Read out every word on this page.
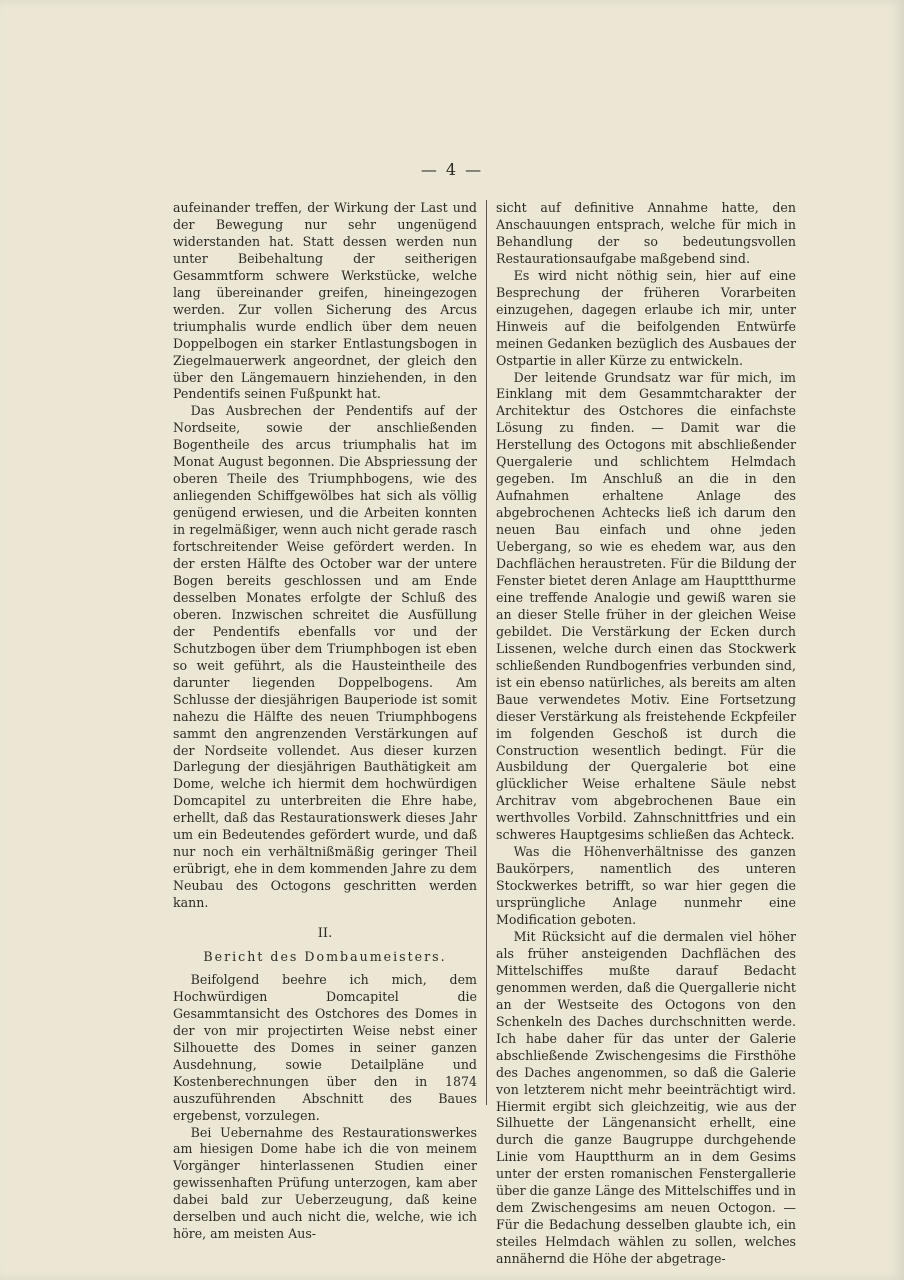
— 4 —

aufeinander treffen, der Wirkung der Last und der Bewegung nur sehr ungenügend widerstanden hat. Statt dessen werden nun unter Beibehaltung der seitherigen Gesammtform schwere Werkstücke, welche lang übereinander greifen, hineingezogen werden. Zur vollen Sicherung des Arcus triumphalis wurde endlich über dem neuen Doppelbogen ein starker Entlastungsbogen in Ziegelmauerwerk angeordnet, der gleich den über den Längemauern hinziehenden, in den Pendentifs seinen Fußpunkt hat.

Das Ausbrechen der Pendentifs auf der Nordseite, sowie der anschließenden Bogentheile des arcus triumphalis hat im Monat August begonnen. Die Abspriessung der oberen Theile des Triumphbogens, wie des anliegenden Schiffgewölbes hat sich als völlig genügend erwiesen, und die Arbeiten konnten in regelmäßiger, wenn auch nicht gerade rasch fortschreitender Weise gefördert werden. In der ersten Hälfte des October war der untere Bogen bereits geschlossen und am Ende desselben Monates erfolgte der Schluß des oberen. Inzwischen schreitet die Ausfüllung der Pendentifs ebenfalls vor und der Schutzbogen über dem Triumphbogen ist eben so weit geführt, als die Hausteintheile des darunter liegenden Doppelbogens. Am Schlusse der diesjährigen Bauperiode ist somit nahezu die Hälfte des neuen Triumphbogens sammt den angrenzenden Verstärkungen auf der Nordseite vollendet. Aus dieser kurzen Darlegung der diesjährigen Bauthätigkeit am Dome, welche ich hiermit dem hochwürdigen Domcapitel zu unterbreiten die Ehre habe, erhellt, daß das Restaurationswerk dieses Jahr um ein Bedeutendes gefördert wurde, und daß nur noch ein verhältnißmäßig geringer Theil erübrigt, ehe in dem kommenden Jahre zu dem Neubau des Octogons geschritten werden kann.

II.
Bericht des Dombaumeisters.

Beifolgend beehre ich mich, dem Hochwürdigen Domcapitel die Gesammtansicht des Ostchores des Domes in der von mir projectirten Weise nebst einer Silhouette des Domes in seiner ganzen Ausdehnung, sowie Detailpläne und Kostenberechnungen über den in 1874 auszuführenden Abschnitt des Baues ergebenst, vorzulegen.

Bei Uebernahme des Restaurationswerkes am hiesigen Dome habe ich die von meinem Vorgänger hinterlassenen Studien einer gewissenhaften Prüfung unterzogen, kam aber dabei bald zur Ueberzeugung, daß keine derselben und auch nicht die, welche, wie ich höre, am meisten Aus-

sicht auf definitive Annahme hatte, den Anschauungen entsprach, welche für mich in Behandlung der so bedeutungsvollen Restaurationsaufgabe maßgebend sind.

Es wird nicht nöthig sein, hier auf eine Besprechung der früheren Vorarbeiten einzugehen, dagegen erlaube ich mir, unter Hinweis auf die beifolgenden Entwürfe meinen Gedanken bezüglich des Ausbaues der Ostpartie in aller Kürze zu entwickeln.

Der leitende Grundsatz war für mich, im Einklang mit dem Gesammtcharakter der Architektur des Ostchores die einfachste Lösung zu finden. — Damit war die Herstellung des Octogons mit abschließender Quergalerie und schlichtem Helmdach gegeben. Im Anschluß an die in den Aufnahmen erhaltene Anlage des abgebrochenen Achtecks ließ ich darum den neuen Bau einfach und ohne jeden Uebergang, so wie es ehedem war, aus den Dachflächen heraustreten. Für die Bildung der Fenster bietet deren Anlage am Haupttthurme eine treffende Analogie und gewiß waren sie an dieser Stelle früher in der gleichen Weise gebildet. Die Verstärkung der Ecken durch Lissenen, welche durch einen das Stockwerk schließenden Rundbogenfries verbunden sind, ist ein ebenso natürliches, als bereits am alten Baue verwendetes Motiv. Eine Fortsetzung dieser Verstärkung als freistehende Eckpfeiler im folgenden Geschoß ist durch die Construction wesentlich bedingt. Für die Ausbildung der Quergalerie bot eine glücklicher Weise erhaltene Säule nebst Architrav vom abgebrochenen Baue ein werthvolles Vorbild. Zahnschnittfries und ein schweres Hauptgesims schließen das Achteck.

Was die Höhenverhältnisse des ganzen Baukörpers, namentlich des unteren Stockwerkes betrifft, so war hier gegen die ursprüngliche Anlage nunmehr eine Modification geboten.

Mit Rücksicht auf die dermalen viel höher als früher ansteigenden Dachflächen des Mittelschiffes mußte darauf Bedacht genommen werden, daß die Quergallerie nicht an der Westseite des Octogons von den Schenkeln des Daches durchschnitten werde. Ich habe daher für das unter der Galerie abschließende Zwischengesims die Firsthöhe des Daches angenommen, so daß die Galerie von letzterem nicht mehr beeinträchtigt wird. Hiermit ergibt sich gleichzeitig, wie aus der Silhuette der Längenansicht erhellt, eine durch die ganze Baugruppe durchgehende Linie vom Hauptthurm an in dem Gesims unter der ersten romanischen Fenstergallerie über die ganze Länge des Mittelschiffes und in dem Zwischengesims am neuen Octogon. — Für die Bedachung desselben glaubte ich, ein steiles Helmdach wählen zu sollen, welches annähernd die Höhe der abgetrage-
